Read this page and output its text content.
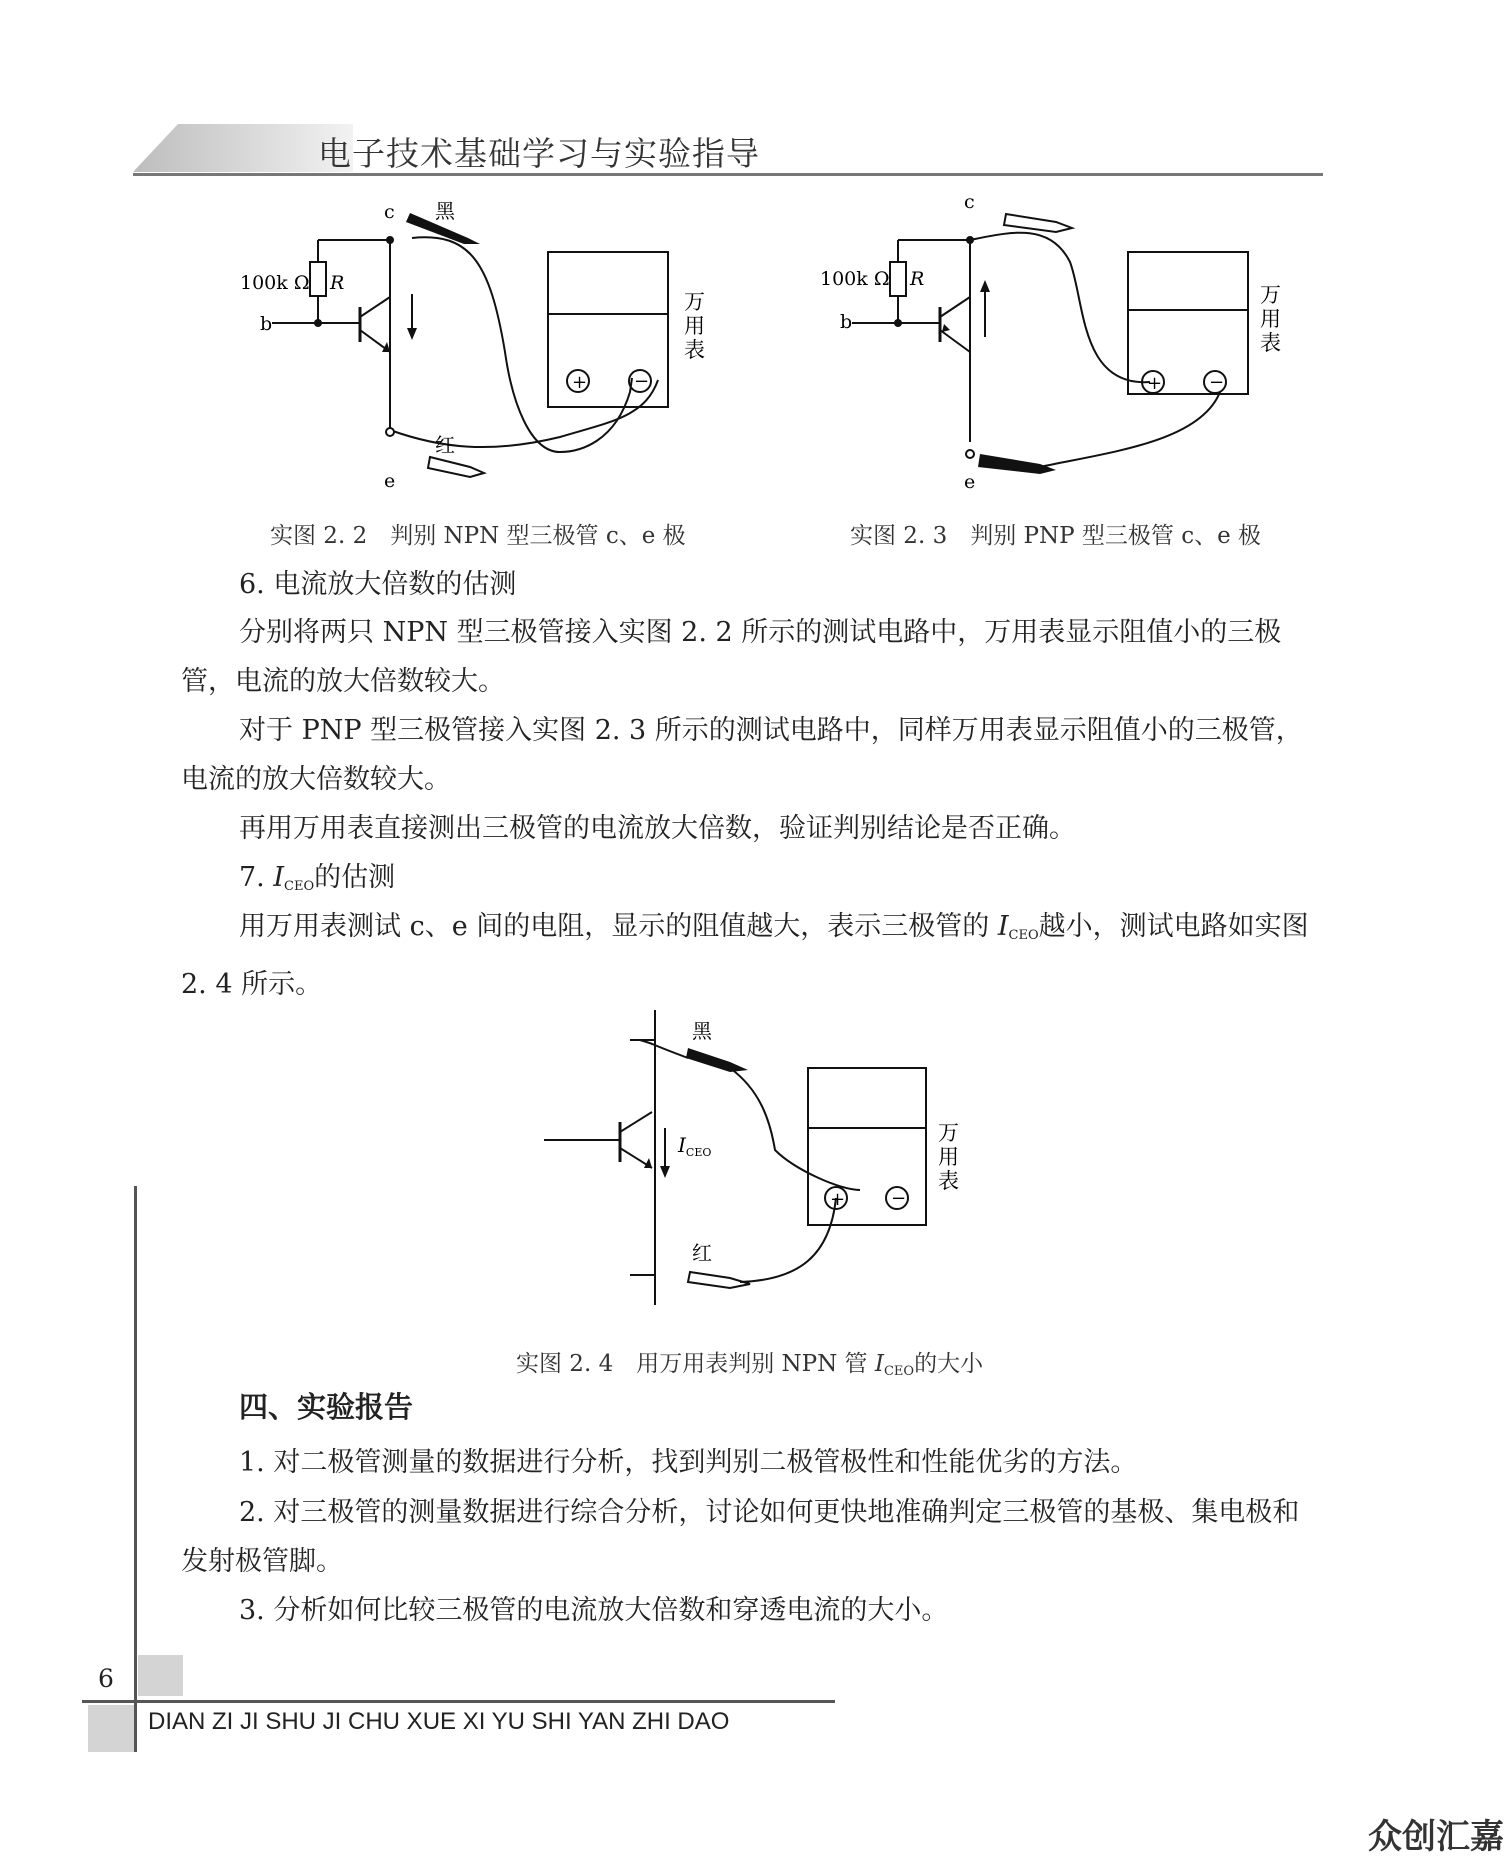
电子技术基础学习与实验指导
c
e
b
100k Ω R
黑
红
+	−
万用表
实图 2. 2　判别 NPN 型三极管 c、e 极
c
e
b
100k Ω R
+	−
万用表
实图 2. 3　判别 PNP 型三极管 c、e 极
6. 电流放大倍数的估测
分别将两只 NPN 型三极管接入实图 2. 2 所示的测试电路中，万用表显示阻值小的三极管，电流的放大倍数较大。
对于 PNP 型三极管接入实图 2. 3 所示的测试电路中，同样万用表显示阻值小的三极管，电流的放大倍数较大。
再用万用表直接测出三极管的电流放大倍数，验证判别结论是否正确。
7. $I_{CEO}$的估测
用万用表测试 c、e 间的电阻，显示的阻值越大，表示三极管的 $I_{CEO}$越小，测试电路如实图 2. 4 所示。
黑
红
$I_{CEO}$
+	−
万用表
实图 2. 4　用万用表判别 NPN 管 $I_{CEO}$的大小
四、实验报告
1. 对二极管测量的数据进行分析，找到判别二极管极性和性能优劣的方法。
2. 对三极管的测量数据进行综合分析，讨论如何更快地准确判定三极管的基极、集电极和发射极管脚。
3. 分析如何比较三极管的电流放大倍数和穿透电流的大小。
6
DIAN ZI JI SHU JI CHU XUE XI YU SHI YAN ZHI DAO
众创汇嘉
